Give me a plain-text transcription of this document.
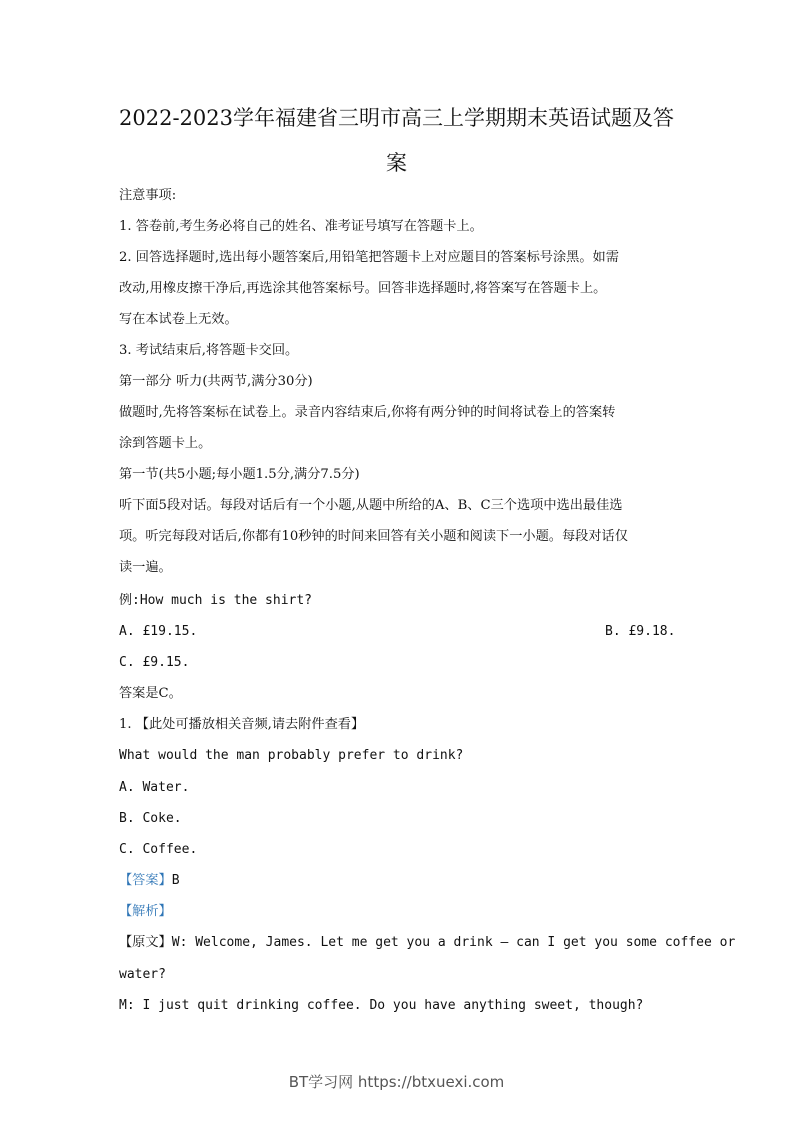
2022-2023学年福建省三明市高三上学期期末英语试题及答
案
注意事项:
1. 答卷前,考生务必将自己的姓名、准考证号填写在答题卡上。
2. 回答选择题时,选出每小题答案后,用铅笔把答题卡上对应题目的答案标号涂黑。如需
改动,用橡皮擦干净后,再选涂其他答案标号。回答非选择题时,将答案写在答题卡上。
写在本试卷上无效。
3. 考试结束后,将答题卡交回。
第一部分 听力(共两节,满分30分)
做题时,先将答案标在试卷上。录音内容结束后,你将有两分钟的时间将试卷上的答案转
涂到答题卡上。
第一节(共5小题;每小题1.5分,满分7.5分)
听下面5段对话。每段对话后有一个小题,从题中所给的A、B、C三个选项中选出最佳选
项。听完每段对话后,你都有10秒钟的时间来回答有关小题和阅读下一小题。每段对话仅
读一遍。
例:How much is the shirt?
A. £19.15.	B. £9.18.
C. £9.15.
答案是C。
1. 【此处可播放相关音频,请去附件查看】
What would the man probably prefer to drink?
A. Water.
B. Coke.
C. Coffee.
【答案】B
【解析】
【原文】W: Welcome, James. Let me get you a drink — can I get you some coffee or
water?
M: I just quit drinking coffee. Do you have anything sweet, though?
BT学习网 https://btxuexi.com
